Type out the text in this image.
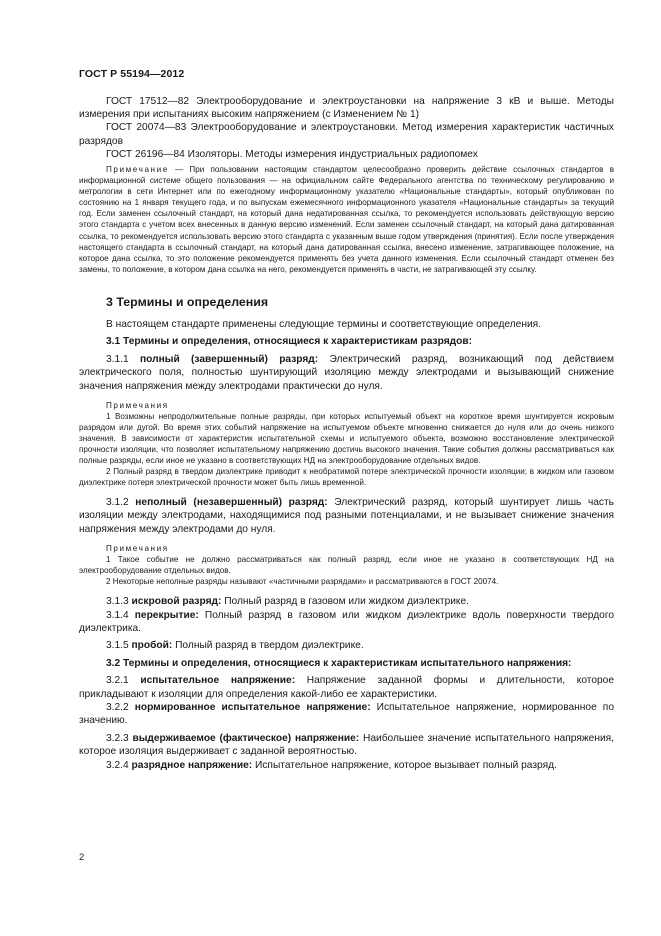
ГОСТ Р 55194—2012

ГОСТ 17512—82 Электрооборудование и электроустановки на напряжение 3 кВ и выше. Методы измерения при испытаниях высоким напряжением (с Изменением № 1)

ГОСТ 20074—83 Электрооборудование и электроустановки. Метод измерения характеристик частичных разрядов

ГОСТ 26196—84 Изоляторы. Методы измерения индустриальных радиопомех

Примечание — При пользовании настоящим стандартом целесообразно проверить действие ссылочных стандартов в информационной системе общего пользования — на официальном сайте Федерального агентства по техническому регулированию и метрологии в сети Интернет или по ежегодному информационному указателю «Национальные стандарты», который опубликован по состоянию на 1 января текущего года, и по выпускам ежемесячного информационного указателя «Национальные стандарты» за текущий год. Если заменен ссылочный стандарт, на который дана недатированная ссылка, то рекомендуется использовать действующую версию этого стандарта с учетом всех внесенных в данную версию изменений. Если заменен ссылочный стандарт, на который дана датированная ссылка, то рекомендуется использовать версию этого стандарта с указанным выше годом утверждения (принятия). Если после утверждения настоящего стандарта в ссылочный стандарт, на который дана датированная ссылка, внесено изменение, затрагивающее положение, на которое дана ссылка, то это положение рекомендуется применять без учета данного изменения. Если ссылочный стандарт отменен без замены, то положение, в котором дана ссылка на него, рекомендуется применять в части, не затрагивающей эту ссылку.

3 Термины и определения

В настоящем стандарте применены следующие термины и соответствующие определения.

3.1 Термины и определения, относящиеся к характеристикам разрядов:

3.1.1 полный (завершенный) разряд: Электрический разряд, возникающий под действием электрического поля, полностью шунтирующий изоляцию между электродами и вызывающий снижение значения напряжения между электродами практически до нуля.

Примечания

1 Возможны непродолжительные полные разряды, при которых испытуемый объект на короткое время шунтируется искровым разрядом или дугой. Во время этих событий напряжение на испытуемом объекте мгновенно снижается до нуля или до очень низкого значения. В зависимости от характеристик испытательной схемы и испытуемого объекта, возможно восстановление электрической прочности изоляции, что позволяет испытательному напряжению достичь высокого значения. Такие события должны рассматриваться как полные разряды, если иное не указано в соответствующих НД на электрооборудование отдельных видов.

2 Полный разряд в твердом диэлектрике приводит к необратимой потере электрической прочности изоляции; в жидком или газовом диэлектрике потеря электрической прочности может быть лишь временной.

3.1.2 неполный (незавершенный) разряд: Электрический разряд, который шунтирует лишь часть изоляции между электродами, находящимися под разными потенциалами, и не вызывает снижение значения напряжения между электродами до нуля.

Примечания

1 Такое событие не должно рассматриваться как полный разряд, если иное не указано в соответствующих НД на электрооборудование отдельных видов.

2 Некоторые неполные разряды называют «частичными разрядами» и рассматриваются в ГОСТ 20074.

3.1.3 искровой разряд: Полный разряд в газовом или жидком диэлектрике.

3.1.4 перекрытие: Полный разряд в газовом или жидком диэлектрике вдоль поверхности твердого диэлектрика.

3.1.5 пробой: Полный разряд в твердом диэлектрике.

3.2 Термины и определения, относящиеся к характеристикам испытательного напряжения:

3.2.1 испытательное напряжение: Напряжение заданной формы и длительности, которое прикладывают к изоляции для определения какой-либо ее характеристики.

3.2.2 нормированное испытательное напряжение: Испытательное напряжение, нормированное по значению.

3.2.3 выдерживаемое (фактическое) напряжение: Наибольшее значение испытательного напряжения, которое изоляция выдерживает с заданной вероятностью.

3.2.4 разрядное напряжение: Испытательное напряжение, которое вызывает полный разряд.

2
